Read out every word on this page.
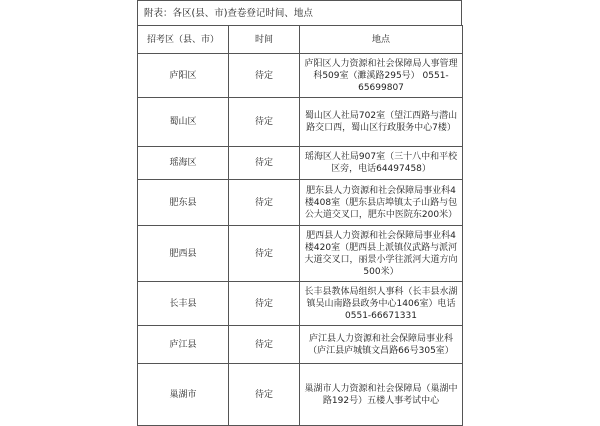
附表：各区(县、市)查卷登记时间、地点
招考区（县、市）	时间	地点
庐阳区	待定	庐阳区人力资源和社会保障局人事管理科509室（濉溪路295号） 0551-65699807
蜀山区	待定	蜀山区人社局702室（望江西路与潜山路交口西，蜀山区行政服务中心7楼）
瑶海区	待定	瑶海区人社局907室（三十八中和平校区旁，电话64497458）
肥东县	待定	肥东县人力资源和社会保障局事业科4楼408室（肥东县店埠镇太子山路与包公大道交叉口，肥东中医院东200米）
肥西县	待定	肥西县人力资源和社会保障局事业科4楼420室（肥西县上派镇仪武路与派河大道交叉口，丽景小学往派河大道方向500米）
长丰县	待定	长丰县教体局组织人事科（长丰县水湖镇吴山南路县政务中心1406室）电话0551-66671331
庐江县	待定	庐江县人力资源和社会保障局事业科（庐江县庐城镇文昌路66号305室）
巢湖市	待定	巢湖市人力资源和社会保障局（巢湖中路192号）五楼人事考试中心
